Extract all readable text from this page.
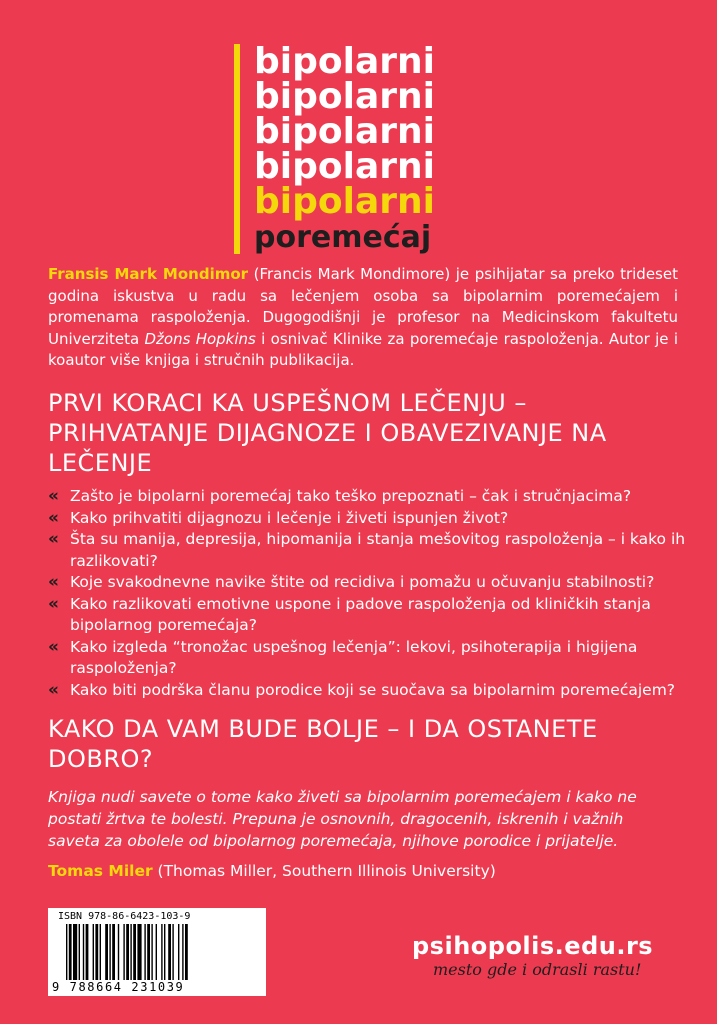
bipolarni
bipolarni
bipolarni
bipolarni
bipolarni
poremećaj
Fransis Mark Mondimor (Francis Mark Mondimore) je psihijatar sa preko trideset godina iskustva u radu sa lečenjem osoba sa bipolarnim poremećajem i promenama raspoloženja. Dugogodišnji je profesor na Medicinskom fakultetu Univerziteta Džons Hopkins i osnivač Klinike za poremećaje raspoloženja. Autor je i koautor više knjiga i stručnih publikacija.
PRVI KORACI KA USPEŠNOM LEČENJU – PRIHVATANJE DIJAGNOZE I OBAVEZIVANJE NA LEČENJE
« Zašto je bipolarni poremećaj tako teško prepoznati – čak i stručnjacima?
« Kako prihvatiti dijagnozu i lečenje i živeti ispunjen život?
« Šta su manija, depresija, hipomanija i stanja mešovitog raspoloženja – i kako ih razlikovati?
« Koje svakodnevne navike štite od recidiva i pomažu u očuvanju stabilnosti?
« Kako razlikovati emotivne uspone i padove raspoloženja od kliničkih stanja bipolarnog poremećaja?
« Kako izgleda “tronožac uspešnog lečenja”: lekovi, psihoterapija i higijena raspoloženja?
« Kako biti podrška članu porodice koji se suočava sa bipolarnim poremećajem?
KAKO DA VAM BUDE BOLJE – I DA OSTANETE DOBRO?
Knjiga nudi savete o tome kako živeti sa bipolarnim poremećajem i kako ne postati žrtva te bolesti. Prepuna je osnovnih, dragocenih, iskrenih i važnih saveta za obolele od bipolarnog poremećaja, njihove porodice i prijatelje.
Tomas Miler (Thomas Miller, Southern Illinois University)
ISBN 978-86-6423-103-9
9 788664 231039
psihopolis.edu.rs
mesto gde i odrasli rastu!
